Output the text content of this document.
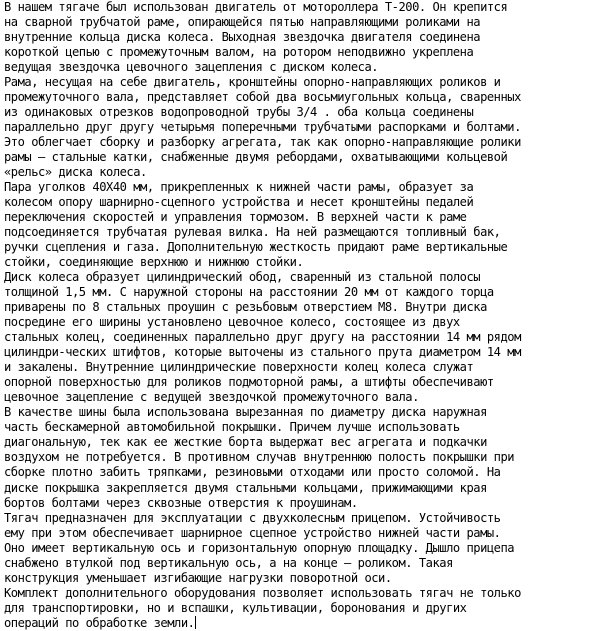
В нашем тягаче был использован двигатель от мотороллера Т-200. Он крепится
на сварной трубчатой раме, опирающейся пятью направляющими роликами на
внутренние кольца диска колеса. Выходная звездочка двигателя соединена
короткой цепью с промежуточным валом, на ротором неподвижно укреплена
ведущая звездочка цевочного зацепления с диском колеса.
Рама, несущая на себе двигатель, кронштейны опорно-направляющих роликов и
промежуточного вала, представляет собой два восьмиугольных кольца, сваренных
из одинаковых отрезков водопроводной трубы 3/4 . оба кольца соединены
параллельно друг другу четырьмя поперечными трубчатыми распорками и болтами.
Это облегчает сборку и разборку агрегата, так как опорно-направляющие ролики
рамы – стальные катки, снабженные двумя ребордами, охватывающими кольцевой
«рельс» диска колеса.
Пара уголков 40Х40 мм, прикрепленных к нижней части рамы, образует за
колесом опору шарнирно-сцепного устройства и несет кронштейны педалей
переключения скоростей и управления тормозом. В верхней части к раме
подсоединяется трубчатая рулевая вилка. На ней размещаются топливный бак,
ручки сцепления и газа. Дополнительную жесткость придают раме вертикальные
стойки, соединяющие верхнюю и нижнюю стойки.
Диск колеса образует цилиндрический обод, сваренный из стальной полосы
толщиной 1,5 мм. С наружной стороны на расстоянии 20 мм от каждого торца
приварены по 8 стальных проушин с резьбовым отверстием М8. Внутри диска
посредине его ширины установлено цевочное колесо, состоящее из двух
стальных колец, соединенных параллельно друг другу на расстоянии 14 мм рядом
цилиндри-ческих штифтов, которые выточены из стального прута диаметром 14 мм
и закалены. Внутренние цилиндрические поверхности колец колеса служат
опорной поверхностью для роликов подмоторной рамы, а штифты обеспечивают
цевочное зацепление с ведущей звездочкой промежуточного вала.
В качестве шины была использована вырезанная по диаметру диска наружная
часть бескамерной автомобильной покрышки. Причем лучше использовать
диагональную, тек как ее жесткие борта выдержат вес агрегата и подкачки
воздухом не потребуется. В противном случав внутреннюю полость покрышки при
сборке плотно забить тряпками, резиновыми отходами или просто соломой. На
диске покрышка закрепляется двумя стальными кольцами, прижимающими края
бортов болтами через сквозные отверстия к проушинам.
Тягач предназначен для эксплуатации с двухколесным прицепом. Устойчивость
ему при этом обеспечивает шарнирное сцепное устройство нижней части рамы.
Оно имеет вертикальную ось и горизонтальную опорную площадку. Дышло прицепа
снабжено втулкой под вертикальную ось, а на конце – роликом. Такая
конструкция уменьшает изгибающие нагрузки поворотной оси.
Комплект дополнительного оборудования позволяет использовать тягач не только
для транспортировки, но и вспашки, культивации, боронования и других
операций по обработке земли.
